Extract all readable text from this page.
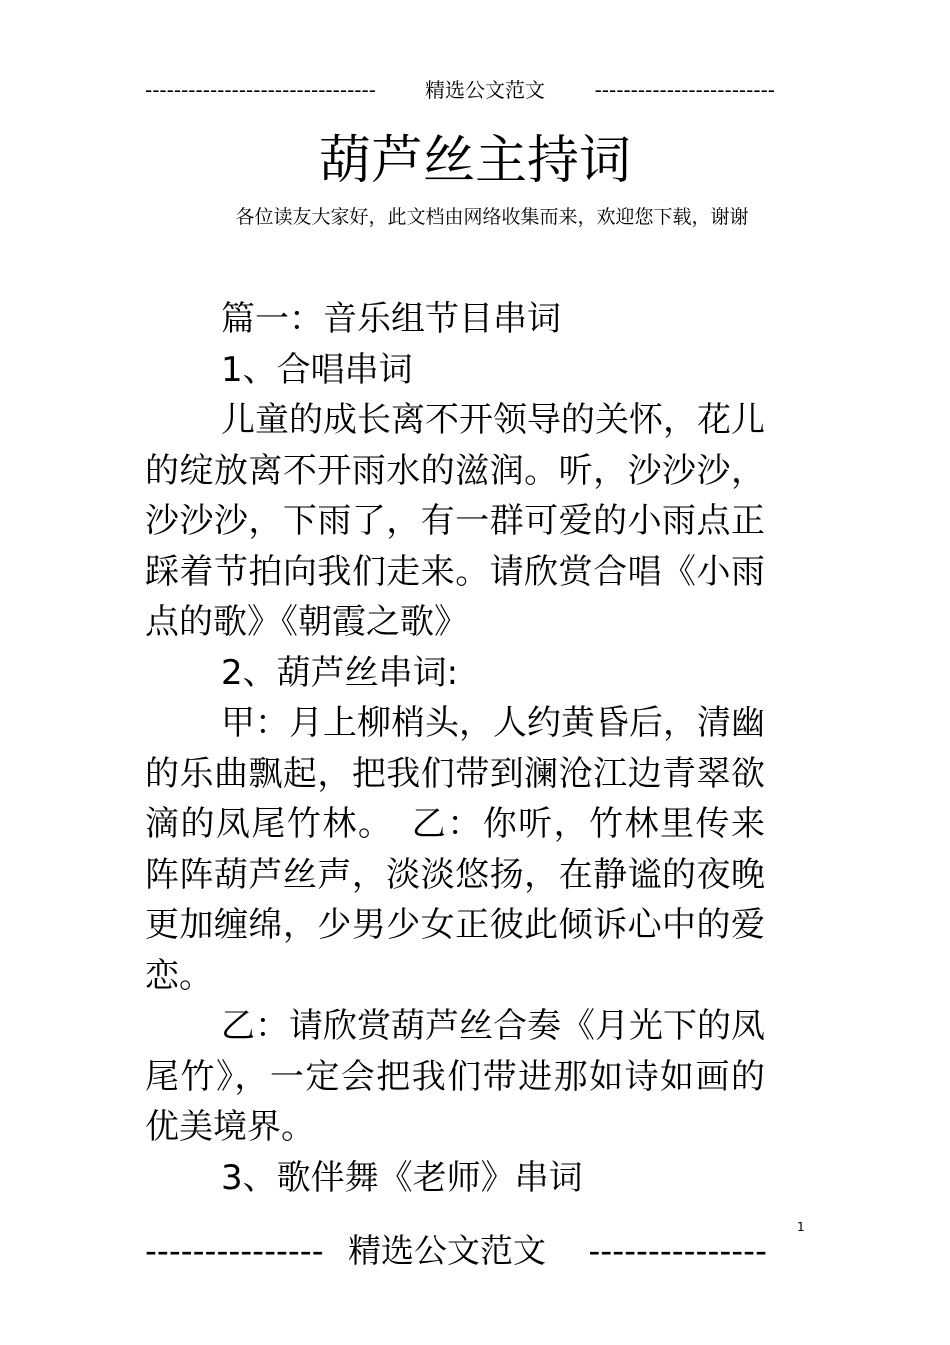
-------------------------------- 精选公文范文 -------------------------
葫芦丝主持词
各位读友大家好，此文档由网络收集而来，欢迎您下载，谢谢

篇一：音乐组节目串词

1、合唱串词

儿童的成长离不开领导的关怀，花儿的绽放离不开雨水的滋润。听，沙沙沙，沙沙沙，下雨了，有一群可爱的小雨点正踩着节拍向我们走来。请欣赏合唱《小雨点的歌》《朝霞之歌》

2、葫芦丝串词:

甲：月上柳梢头，人约黄昏后，清幽的乐曲飘起，把我们带到澜沧江边青翠欲滴的凤尾竹林。　乙：你听，竹林里传来阵阵葫芦丝声，淡淡悠扬，在静谧的夜晚更加缠绵，少男少女正彼此倾诉心中的爱恋。

乙：请欣赏葫芦丝合奏《月光下的凤尾竹》，一定会把我们带进那如诗如画的优美境界。

3、歌伴舞《老师》串词

1
--------------- 精选公文范文 ---------------
